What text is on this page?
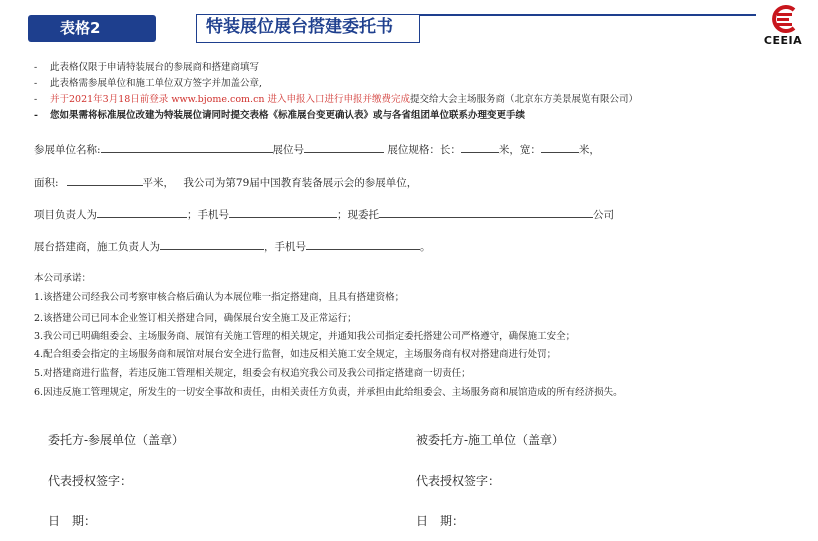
表格2	特装展位展台搭建委托书
CEEIA
- 此表格仅限于申请特装展台的参展商和搭建商填写
- 此表格需参展单位和施工单位双方签字并加盖公章,
- 并于2021年3月18日前登录 www.bjome.com.cn 进入申报入口进行申报并缴费完成提交给大会主场服务商（北京东方美景展览有限公司）
- 您如果需将标准展位改建为特装展位请同时提交表格《标准展台变更确认表》或与各省组团单位联系办理变更手续
参展单位名称:	展位号	展位规格：长：	米，宽：	米，
面积:	平米， 我公司为第79届中国教育装备展示会的参展单位，
项目负责人为	；手机号	；现委托	公司
展台搭建商，施工负责人为	，手机号	。
本公司承诺：
1.该搭建公司经我公司考察审核合格后确认为本展位唯一指定搭建商，且具有搭建资格；
2.该搭建公司已同本企业签订相关搭建合同，确保展台安全施工及正常运行；
3.我公司已明确组委会、主场服务商、展馆有关施工管理的相关规定，并通知我公司指定委托搭建公司严格遵守，确保施工安全；
4.配合组委会指定的主场服务商和展馆对展台安全进行监督，如违反相关施工安全规定，主场服务商有权对搭建商进行处罚；
5.对搭建商进行监督，若违反施工管理相关规定，组委会有权追究我公司及我公司指定搭建商一切责任；
6.因违反施工管理规定，所发生的一切安全事故和责任，由相关责任方负责，并承担由此给组委会、主场服务商和展馆造成的所有经济损失。
委托方-参展单位（盖章）	被委托方-施工单位（盖章）
代表授权签字：	代表授权签字：
日　期：	日　期：
